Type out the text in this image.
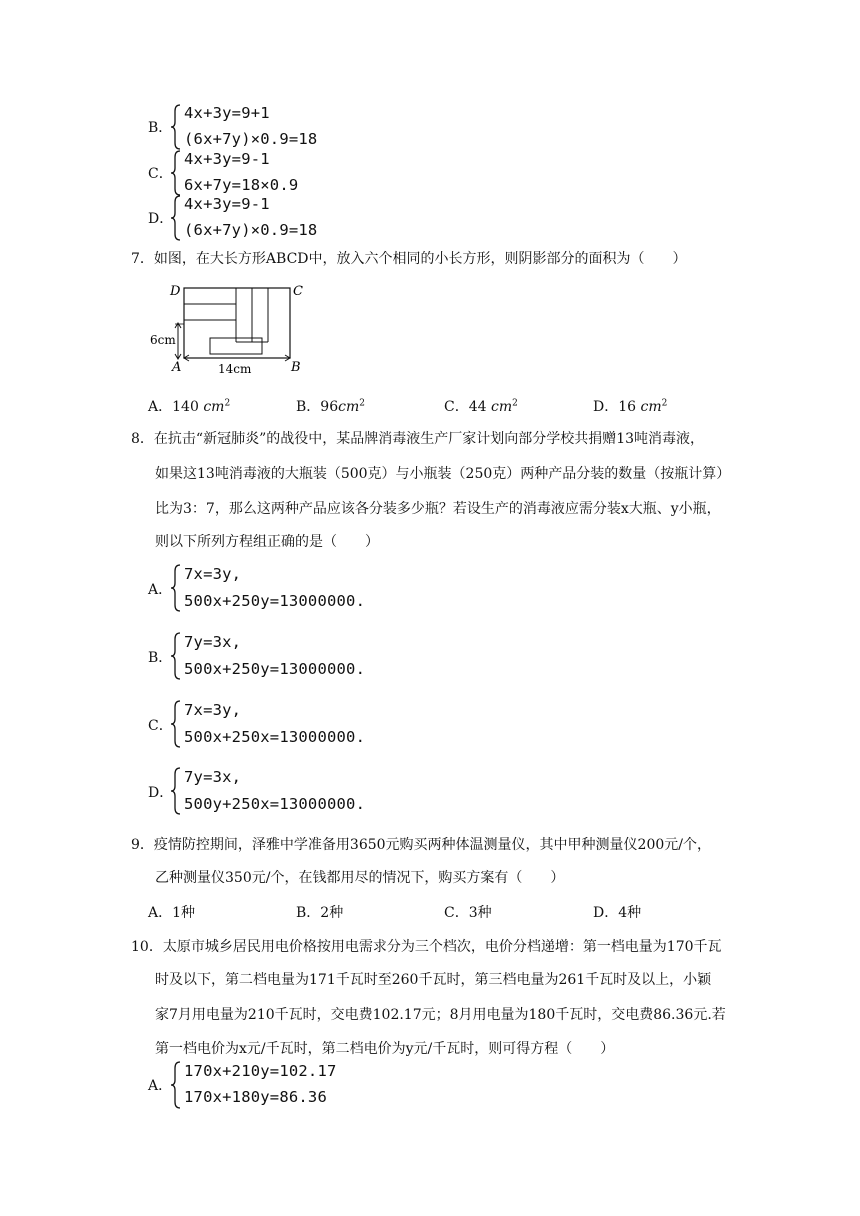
B．
4x+3y=9+1
(6x+7y)×0.9=18
C．
4x+3y=9-1
6x+7y=18×0.9
D．
4x+3y=9-1
(6x+7y)×0.9=18
7．如图，在大长方形ABCD中，放入六个相同的小长方形，则阴影部分的面积为（　　）
D	C
A	B
6cm
14cm
A．140 $cm^2$	B．$96cm^2$	C．44 $cm^2$	D．16 $cm^2$
8．在抗击“新冠肺炎”的战役中，某品牌消毒液生产厂家计划向部分学校共捐赠13吨消毒液，
如果这13吨消毒液的大瓶装（500克）与小瓶装（250克）两种产品分装的数量（按瓶计算）
比为3：7，那么这两种产品应该各分装多少瓶？若设生产的消毒液应需分装x大瓶、y小瓶，
则以下所列方程组正确的是（　　）
A．
7x=3y,
500x+250y=13000000.
B．
7y=3x,
500x+250y=13000000.
C．
7x=3y,
500x+250x=13000000.
D．
7y=3x,
500y+250x=13000000.
9．疫情防控期间，泽雅中学准备用3650元购买两种体温测量仪，其中甲种测量仪200元/个，
乙种测量仪350元/个，在钱都用尽的情况下，购买方案有（　　）
A．1种	B．2种	C．3种	D．4种
10．太原市城乡居民用电价格按用电需求分为三个档次，电价分档递增：第一档电量为170千瓦
时及以下，第二档电量为171千瓦时至260千瓦时，第三档电量为261千瓦时及以上，小颖
家7月用电量为210千瓦时，交电费102.17元；8月用电量为180千瓦时，交电费86.36元.若
第一档电价为x元/千瓦时，第二档电价为y元/千瓦时，则可得方程（　　）
A．
170x+210y=102.17
170x+180y=86.36
